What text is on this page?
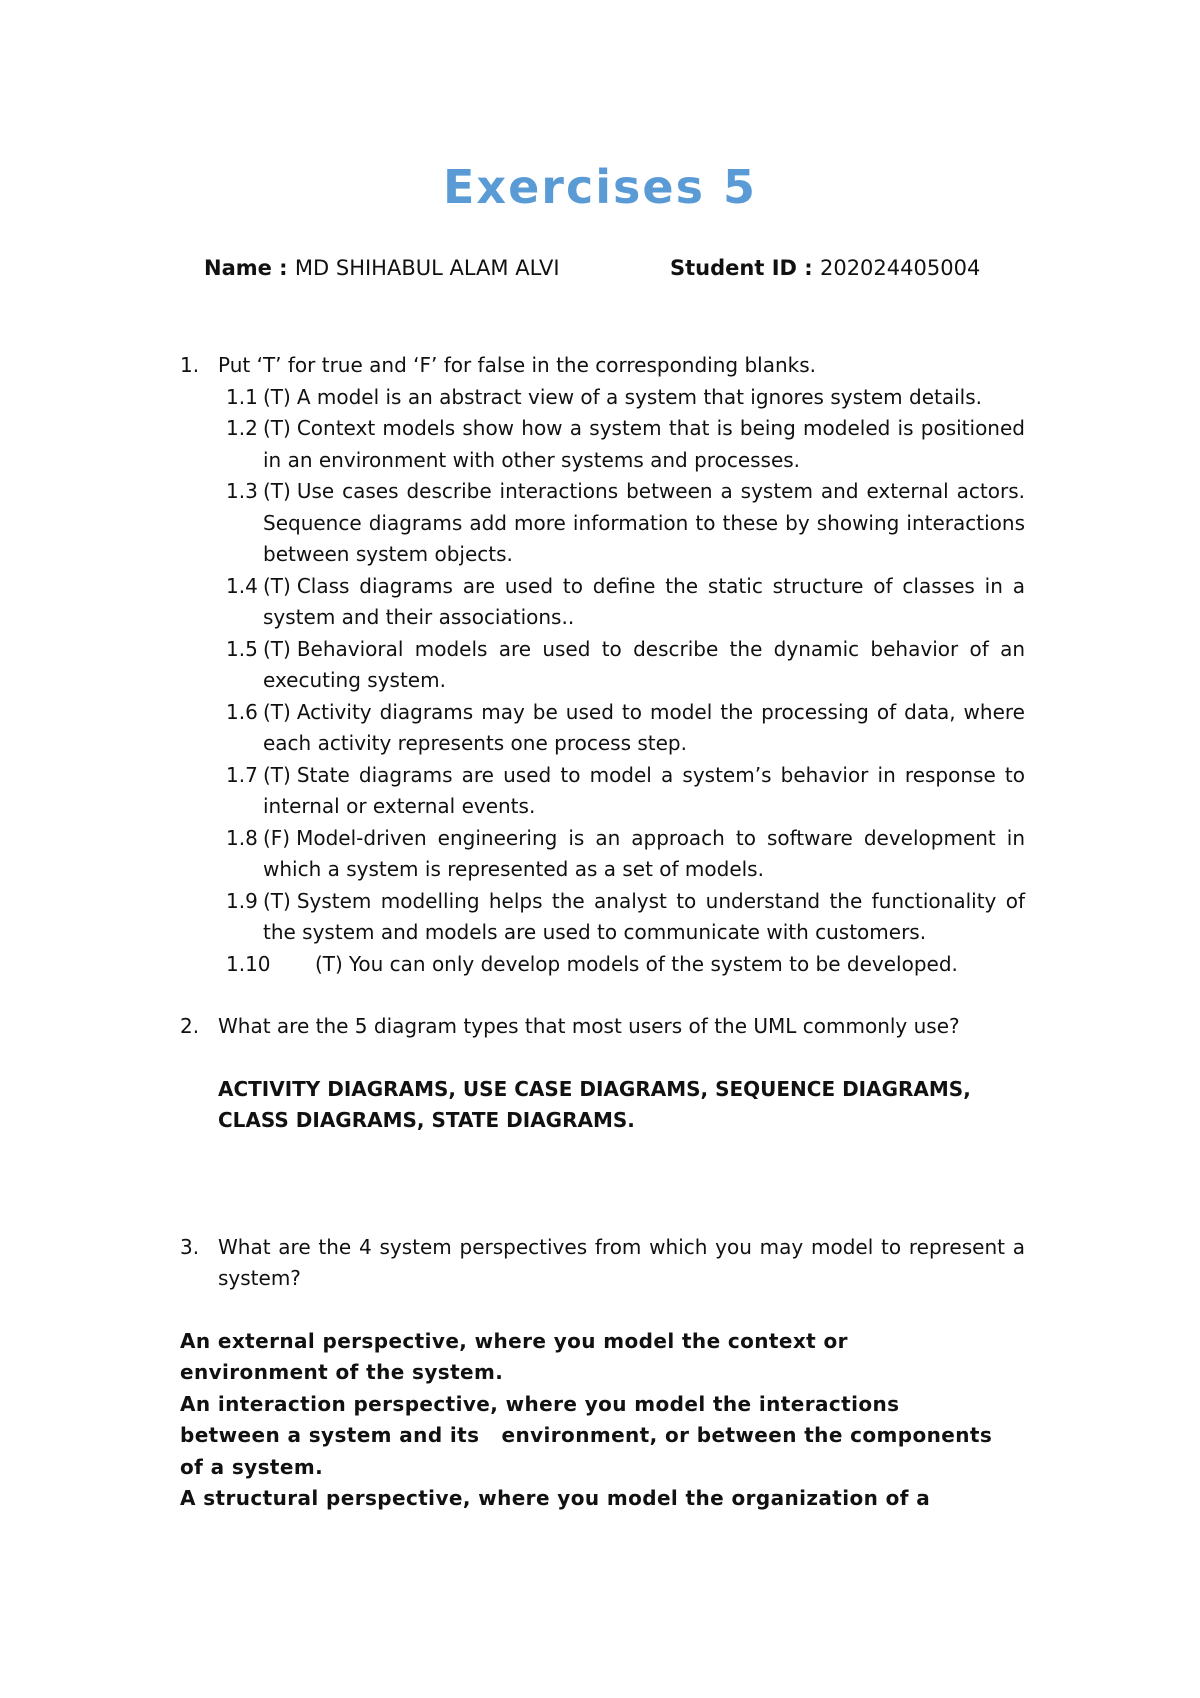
Exercises 5
Name : MD SHIHABUL ALAM ALVI	Student ID : 202024405004
1. Put ‘T’ for true and ‘F’ for false in the corresponding blanks.
1.1 (T) A model is an abstract view of a system that ignores system details.
1.2 (T) Context models show how a system that is being modeled is positioned in an environment with other systems and processes.
1.3 (T) Use cases describe interactions between a system and external actors. Sequence diagrams add more information to these by showing interactions between system objects.
1.4 (T) Class diagrams are used to define the static structure of classes in a system and their associations..
1.5 (T) Behavioral models are used to describe the dynamic behavior of an executing system.
1.6 (T) Activity diagrams may be used to model the processing of data, where each activity represents one process step.
1.7 (T) State diagrams are used to model a system’s behavior in response to internal or external events.
1.8 (F) Model-driven engineering is an approach to software development in which a system is represented as a set of models.
1.9 (T) System modelling helps the analyst to understand the functionality of the system and models are used to communicate with customers.
1.10 (T) You can only develop models of the system to be developed.
2. What are the 5 diagram types that most users of the UML commonly use?
ACTIVITY DIAGRAMS, USE CASE DIAGRAMS, SEQUENCE DIAGRAMS,
CLASS DIAGRAMS, STATE DIAGRAMS.
3. What are the 4 system perspectives from which you may model to represent a system?
An external perspective, where you model the context or
environment of the system.
An interaction perspective, where you model the interactions
between a system and its   environment, or between the components
of a system.
A structural perspective, where you model the organization of a
